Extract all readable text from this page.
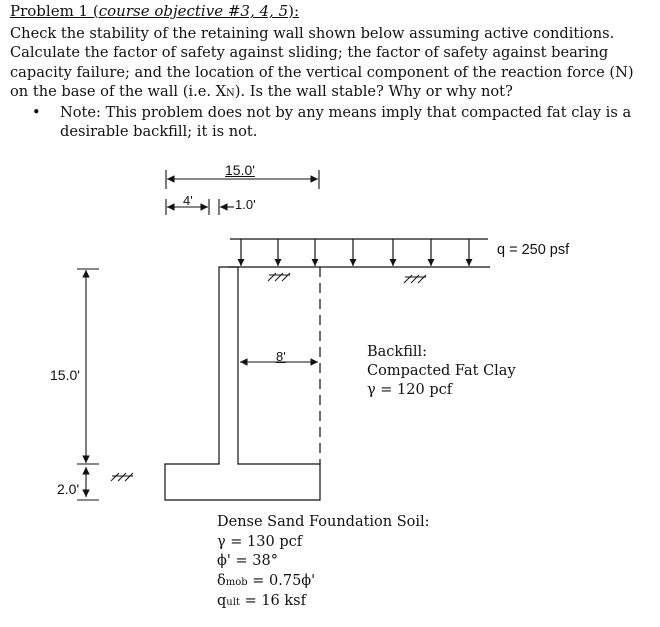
Problem 1 (course objective #3, 4, 5):
Check the stability of the retaining wall shown below assuming active conditions. Calculate the factor of safety against sliding; the factor of safety against bearing capacity failure; and the location of the vertical component of the reaction force (N) on the base of the wall (i.e. XN). Is the wall stable? Why or why not?
• Note: This problem does not by any means imply that compacted fat clay is a desirable backfill; it is not.
15.0'
4'	1.0'
q = 250 psf
8'
15.0'
2.0'
Backfill:
Compacted Fat Clay
γ = 120 pcf
Dense Sand Foundation Soil:
γ = 130 pcf
ϕ' = 38°
δmob = 0.75ϕ'
qult = 16 ksf
